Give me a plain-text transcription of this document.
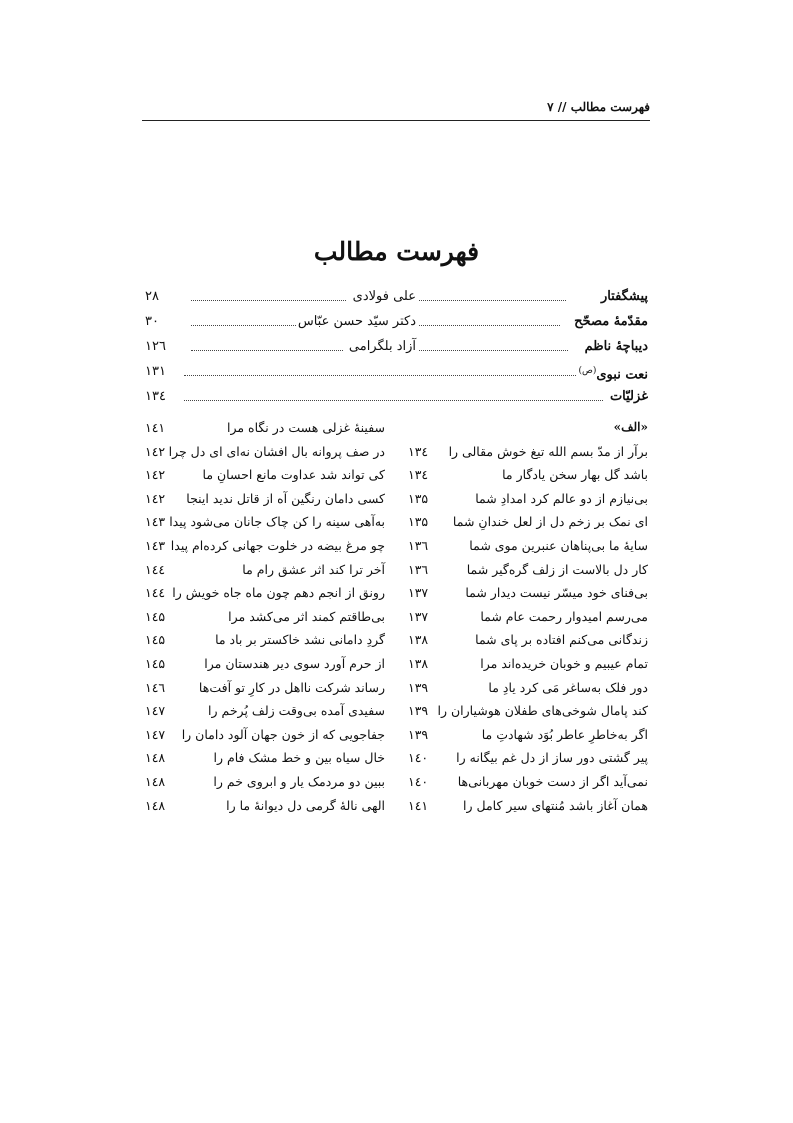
فهرست مطالب // ۷
فهرست مطالب
پیشگفتار
علی فولادی
۲۸
مقدّمۀ مصحّح
دکتر سیّد حسن عبّاس
۳۰
دیباچۀ ناظم
آزاد بلگرامی
۱۲٦
نعت نبوی$^{(ص)}$
۱۳۱
غزلیّات
۱۳٤
«الف»
برآر از مدّ بسم الله تیغ خوش مقالی را
۱۳٤
باشد گل بهار سخن یادگار ما
۱۳٤
بی‌نیازم از دو عالم کرد امدادِ شما
۱۳۵
ای نمک بر زخم دل از لعل خندانِ شما
۱۳۵
سایۀ ما بی‌پناهان عنبرین موی شما
۱۳٦
کار دل بالاست از زلف گره‌گیر شما
۱۳٦
بی‌فنای خود میسّر نیست دیدار شما
۱۳۷
می‌رسم امیدوار رحمت عام شما
۱۳۷
زندگانی می‌کنم افتاده بر پای شما
۱۳۸
تمام عیبیم و خوبان خریده‌اند مرا
۱۳۸
دور فلک به‌ساغر مَی کرد یادِ ما
۱۳۹
کند پامال شوخی‌های طفلان هوشیاران را
۱۳۹
اگر به‌خاطرِ عاطر بُوَد شهادتِ ما
۱۳۹
پیر گشتی دور ساز از دل غم بیگانه را
۱٤۰
نمی‌آید اگر از دست خوبان مهربانی‌ها
۱٤۰
همان آغاز باشد مُنتهای سیر کامل را
۱٤۱
سفینۀ غزلی هست در نگاه مرا
۱٤۱
در صف پروانه بال افشان نه‌ای ای دل چرا
۱٤۲
کی تواند شد عداوت مانع احسانِ ما
۱٤۲
کسی دامان رنگین آه از قاتل ندید اینجا
۱٤۲
به‌آهی سینه را کن چاک جانان می‌شود پیدا
۱٤۳
چو مرغ بیضه در خلوت جهانی کرده‌ام پیدا
۱٤۳
آخر ترا کند اثر عشق رام ما
۱٤٤
رونق از انجم دهم چون ماه جاه خویش را
۱٤٤
بی‌طاقتم کمند اثر می‌کشد مرا
۱٤۵
گردِ دامانی نشد خاکستر بر باد ما
۱٤۵
از حرم آورد سوی دیر هندستان مرا
۱٤۵
رساند شرکت نااهل در کارِ تو آفت‌ها
۱٤٦
سفیدی آمده بی‌وقت زلف پُرخم را
۱٤۷
جفاجویی که از خون جهان آلود دامان را
۱٤۷
خال سیاه بین و خط مشک فام را
۱٤۸
ببین دو مردمک یار و ابروی خم را
۱٤۸
الهی نالۀ گرمی دل دیوانۀ ما را
۱٤۸
